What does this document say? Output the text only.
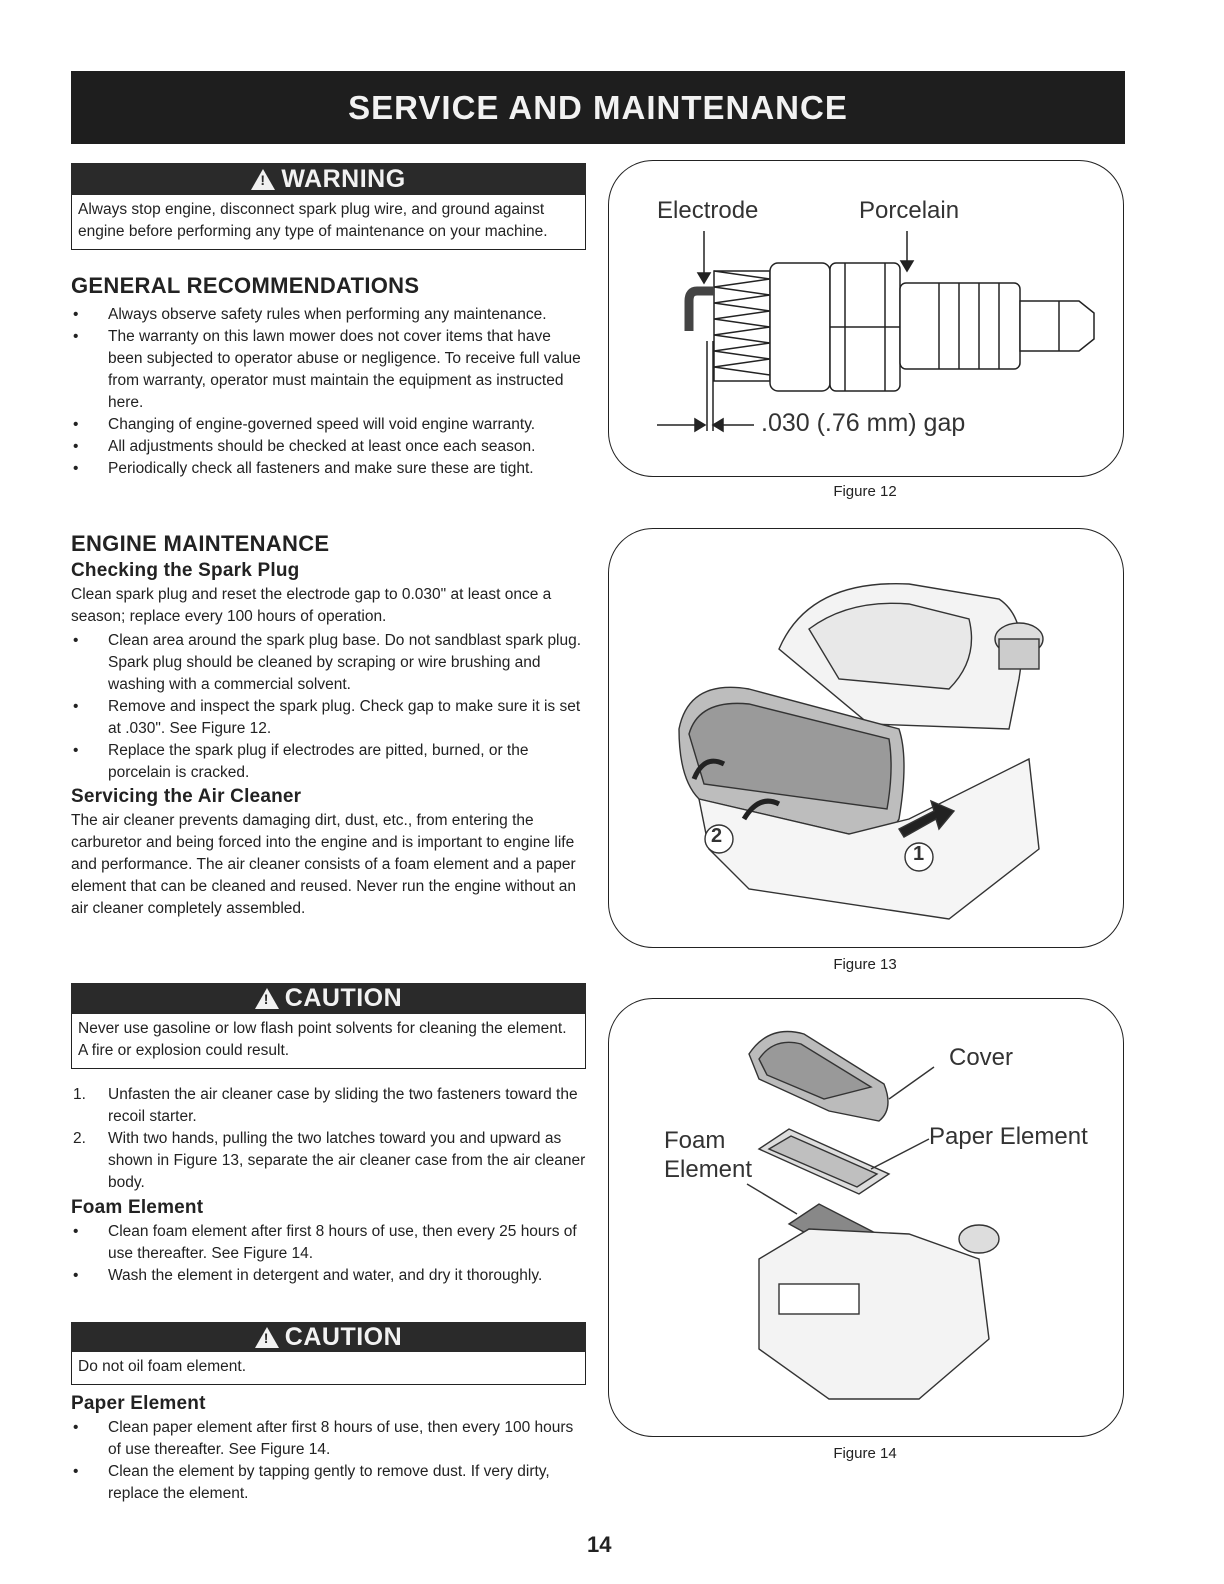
SERVICE AND MAINTENANCE
!
WARNING
Always stop engine, disconnect spark plug wire, and ground against engine before performing any type of maintenance on your machine.
GENERAL RECOMMENDATIONS
• Always observe safety rules when performing any maintenance.
• The warranty on this lawn mower does not cover items that have been subjected to operator abuse or negligence. To receive full value from warranty, operator must maintain the equipment as instructed here.
• Changing of engine-governed speed will void engine warranty.
• All adjustments should be checked at least once each season.
• Periodically check all fasteners and make sure these are tight.
ENGINE MAINTENANCE
Checking the Spark Plug

Clean spark plug and reset the electrode gap to 0.030" at least once a season; replace every 100 hours of operation.

• Clean area around the spark plug base. Do not sandblast spark plug. Spark plug should be cleaned by scraping or wire brushing and washing with a commercial solvent.
• Remove and inspect the spark plug. Check gap to make sure it is set at .030". See Figure 12.
• Replace the spark plug if electrodes are pitted, burned, or the porcelain is cracked.
Servicing the Air Cleaner

The air cleaner prevents damaging dirt, dust, etc., from entering the carburetor and being forced into the engine and is important to engine life and performance. The air cleaner consists of a foam element and a paper element that can be cleaned and reused. Never run the engine without an air cleaner completely assembled.

!
CAUTION
Never use gasoline or low flash point solvents for cleaning the element. A fire or explosion could result.
1. Unfasten the air cleaner case by sliding the two fasteners toward the recoil starter.
2. With two hands, pulling the two latches toward you and upward as shown in Figure 13, separate the air cleaner case from the air cleaner body.
Foam Element
• Clean foam element after first 8 hours of use, then every 25 hours of use thereafter. See Figure 14.
• Wash the element in detergent and water, and dry it thoroughly.
!
CAUTION
Do not oil foam element.
Paper Element
• Clean paper element after first 8 hours of use, then every 100 hours of use thereafter. See Figure 14.
• Clean the element by tapping gently to remove dust. If very dirty, replace the element.
Electrode	Porcelain
.030 (.76 mm) gap
Figure 12
2
1
Figure 13
Cover
Paper Element
Foam
Element
Figure 14
14
